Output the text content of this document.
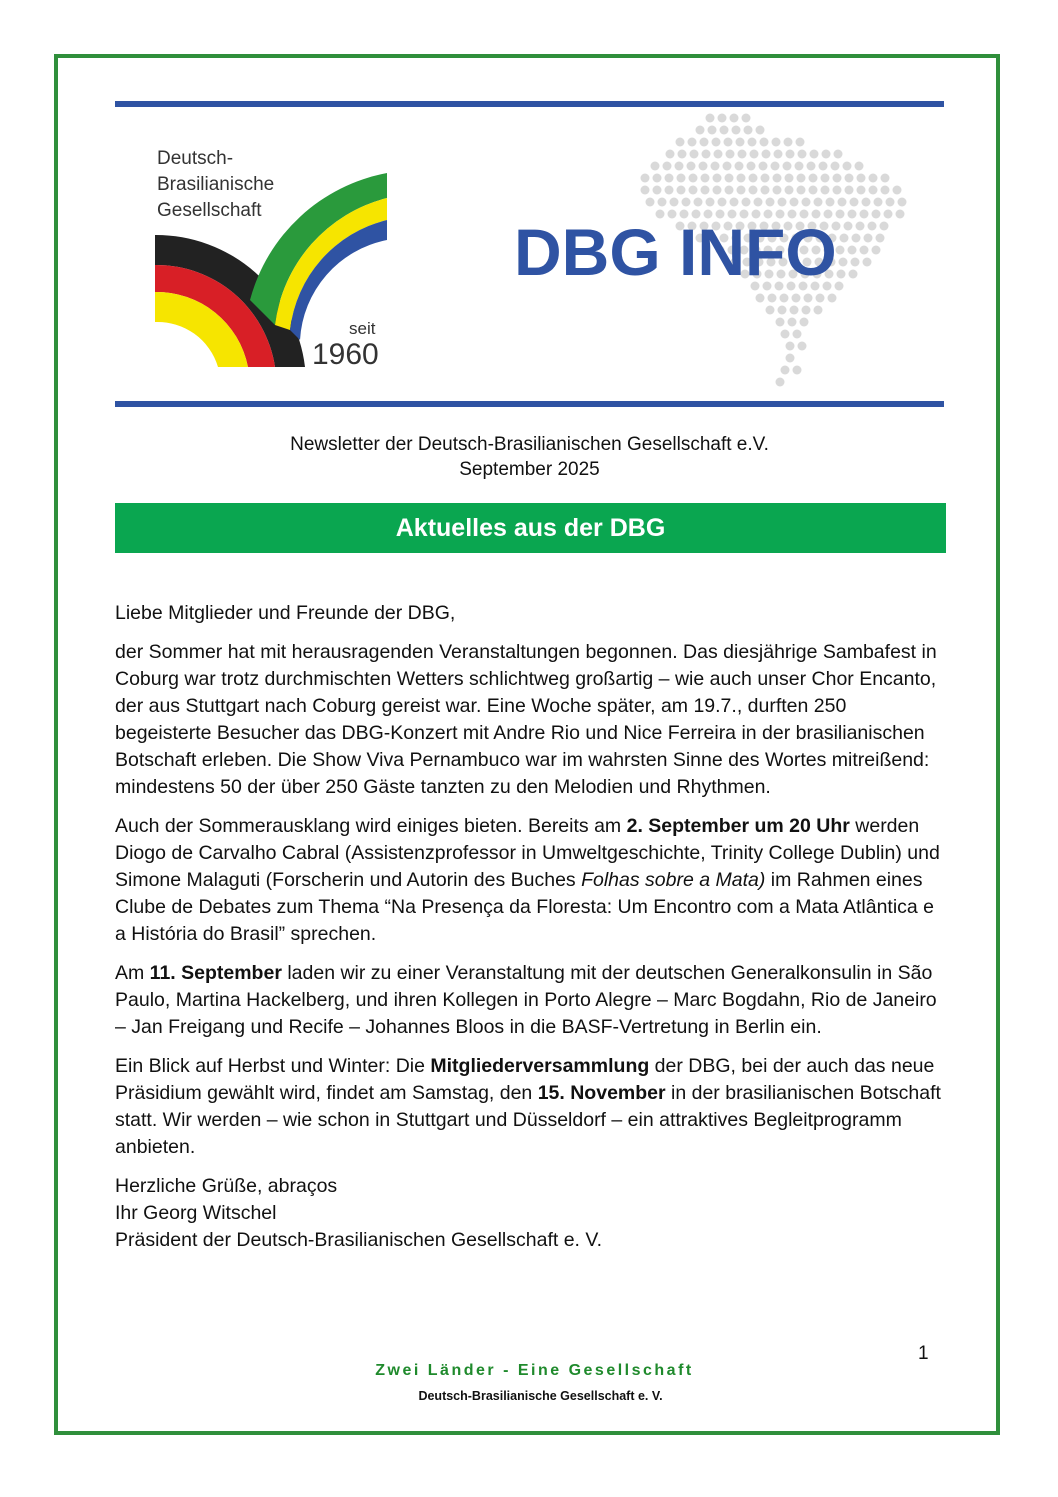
Deutsch-
Brasilianische
Gesellschaft
seit
1960
DBG INFO
Newsletter der Deutsch-Brasilianischen Gesellschaft e.V.
September 2025
Aktuelles aus der DBG

Liebe Mitglieder und Freunde der DBG,

der Sommer hat mit herausragenden Veranstaltungen begonnen. Das diesjährige Sambafest in Coburg war trotz durchmischten Wetters schlichtweg großartig – wie auch unser Chor Encanto, der aus Stuttgart nach Coburg gereist war. Eine Woche später, am 19.7., durften 250 begeisterte Besucher das DBG-Konzert mit Andre Rio und Nice Ferreira in der brasilianischen Botschaft erleben. Die Show Viva Pernambuco war im wahrsten Sinne des Wortes mitreißend: mindestens 50 der über 250 Gäste tanzten zu den Melodien und Rhythmen.

Auch der Sommerausklang wird einiges bieten. Bereits am 2. September um 20 Uhr werden Diogo de Carvalho Cabral (Assistenzprofessor in Umweltgeschichte, Trinity College Dublin) und Simone Malaguti (Forscherin und Autorin des Buches Folhas sobre a Mata) im Rahmen eines Clube de Debates zum Thema “Na Presença da Floresta: Um Encontro com a Mata Atlântica e a História do Brasil” sprechen.

Am 11. September laden wir zu einer Veranstaltung mit der deutschen Generalkonsulin in São Paulo, Martina Hackelberg, und ihren Kollegen in Porto Alegre – Marc Bogdahn, Rio de Janeiro – Jan Freigang und Recife – Johannes Bloos in die BASF-Vertretung in Berlin ein.

Ein Blick auf Herbst und Winter: Die Mitgliederversammlung der DBG, bei der auch das neue Präsidium gewählt wird, findet am Samstag, den 15. November in der brasilianischen Botschaft statt. Wir werden – wie schon in Stuttgart und Düsseldorf – ein attraktives Begleitprogramm anbieten.

Herzliche Grüße, abraços
Ihr Georg Witschel
Präsident der Deutsch-Brasilianischen Gesellschaft e. V.

1
Zwei Länder - Eine Gesellschaft
Deutsch-Brasilianische Gesellschaft e. V.
